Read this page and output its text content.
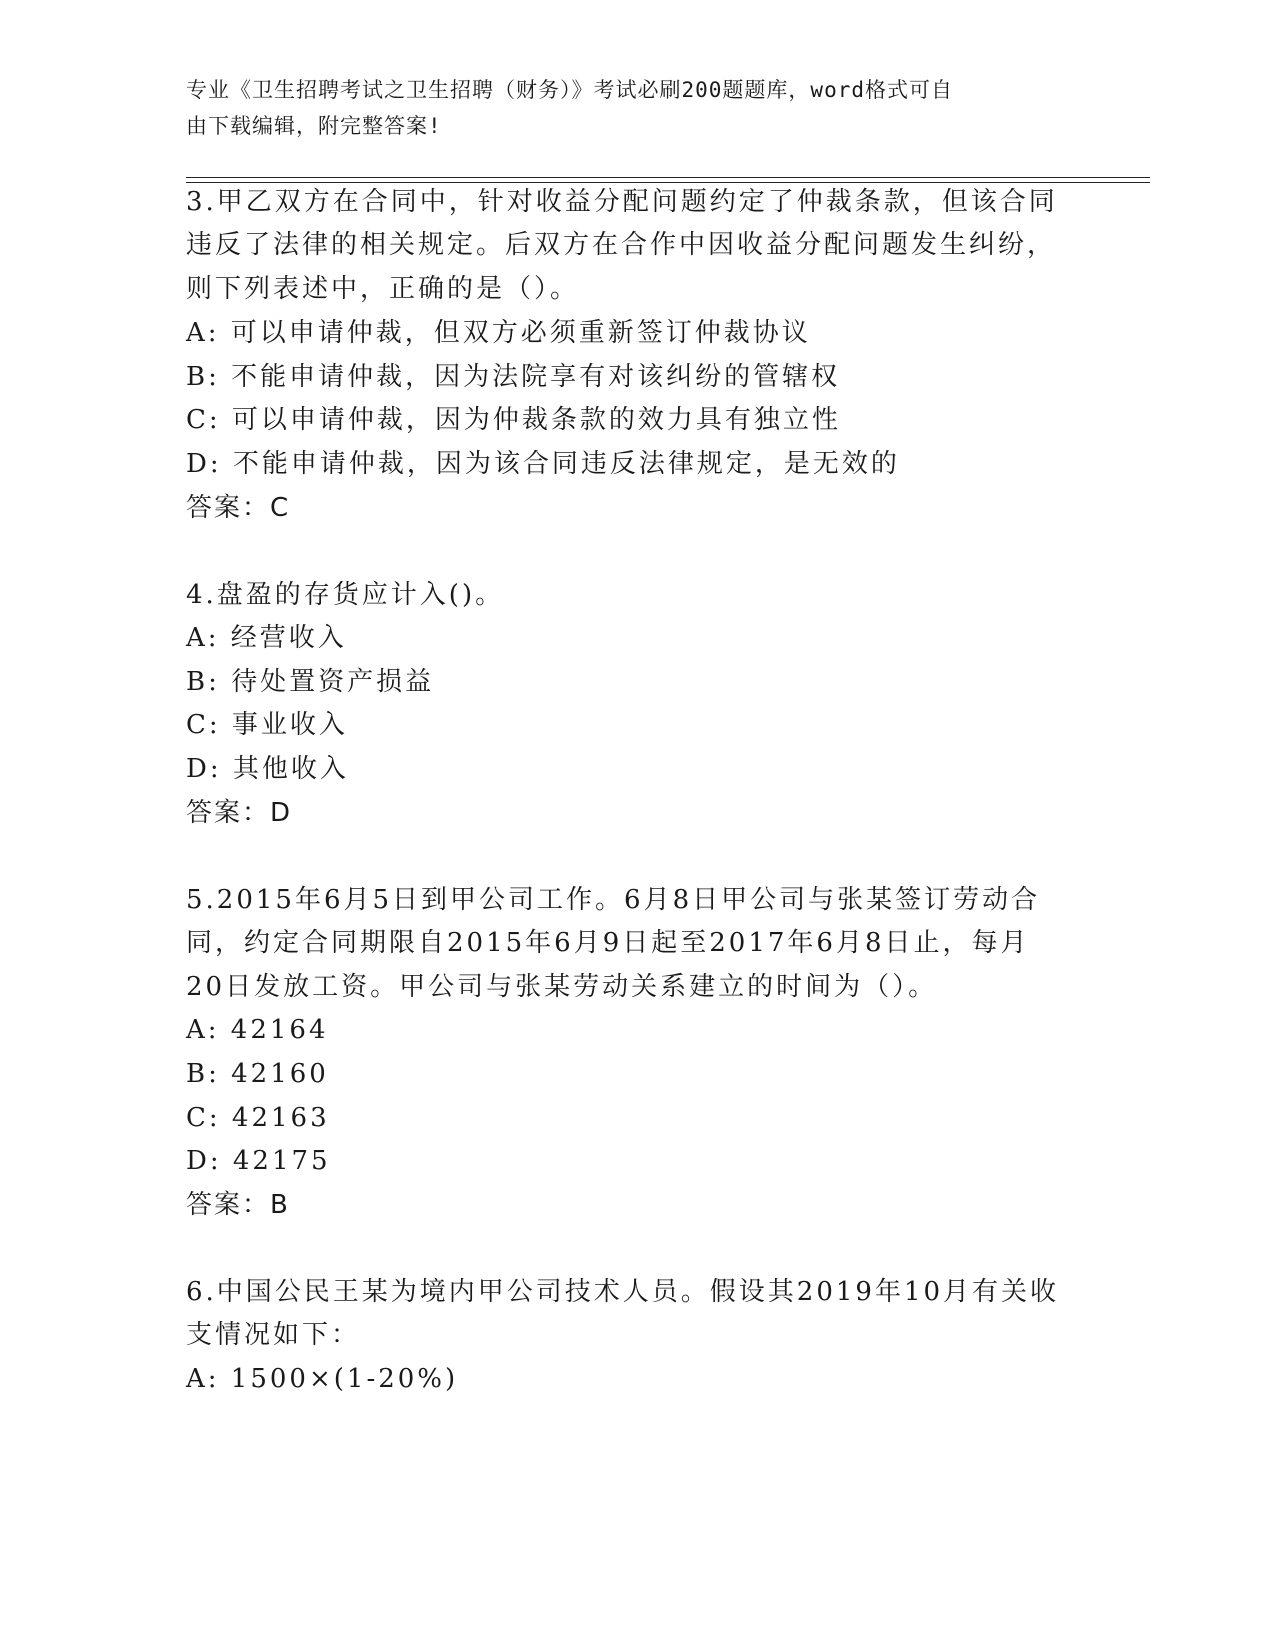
专业《卫生招聘考试之卫生招聘（财务）》考试必刷200题题库，word格式可自
由下载编辑，附完整答案!
3.甲乙双方在合同中，针对收益分配问题约定了仲裁条款，但该合同
违反了法律的相关规定。后双方在合作中因收益分配问题发生纠纷，
则下列表述中，正确的是（）。
A: 可以申请仲裁，但双方必须重新签订仲裁协议
B: 不能申请仲裁，因为法院享有对该纠纷的管辖权
C: 可以申请仲裁，因为仲裁条款的效力具有独立性
D: 不能申请仲裁，因为该合同违反法律规定，是无效的
答案：C
4.盘盈的存货应计入()。
A: 经营收入
B: 待处置资产损益
C: 事业收入
D: 其他收入
答案：D
5.2015年6月5日到甲公司工作。6月8日甲公司与张某签订劳动合
同，约定合同期限自2015年6月9日起至2017年6月8日止，每月
20日发放工资。甲公司与张某劳动关系建立的时间为（）。
A: 42164
B: 42160
C: 42163
D: 42175
答案：B
6.中国公民王某为境内甲公司技术人员。假设其2019年10月有关收
支情况如下：
A: 1500×(1-20%)
